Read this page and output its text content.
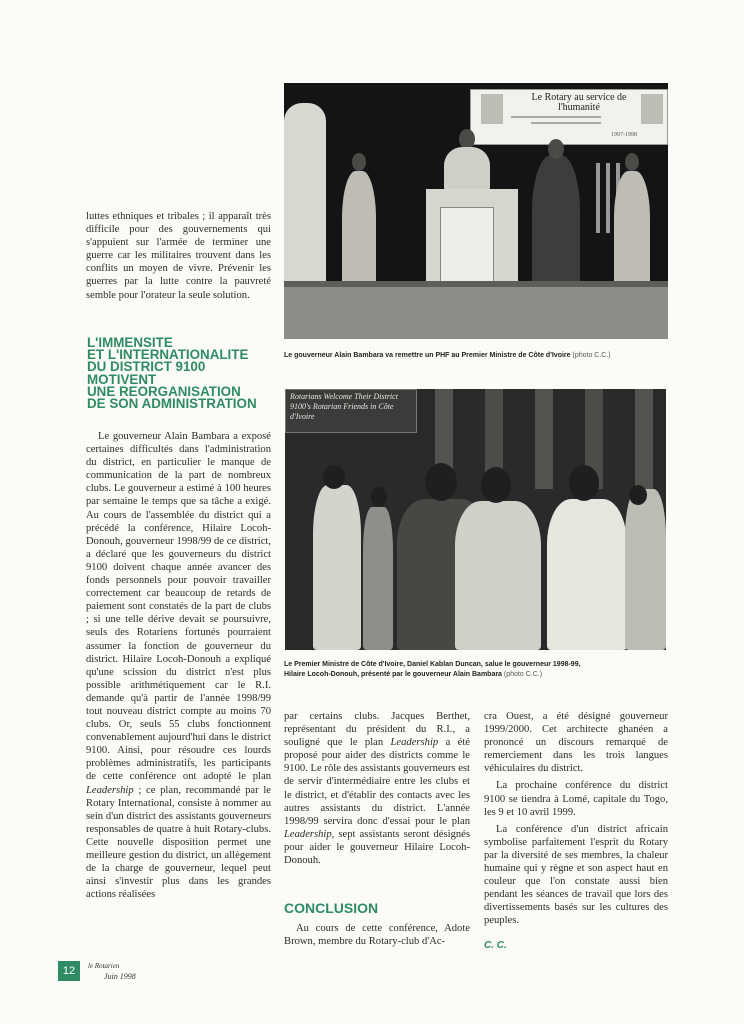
Le Rotary au service de l'humanité
1997-1998

Le gouverneur Alain Bambara va remettre un PHF au Premier Ministre de Côte d'Ivoire (photo C.C.)

Rotarians Welcome Their District 9100's Rotarian Friends in Côte d'Ivoire

Le Premier Ministre de Côte d'Ivoire, Daniel Kablan Duncan, salue le gouverneur 1998-99,
Hilaire Locoh-Donouh, présenté par le gouverneur Alain Bambara (photo C.C.)

luttes ethniques et tribales ; il apparaît très difficile pour des gouvernements qui s'appuient sur l'armée de terminer une guerre car les militaires trouvent dans les conflits un moyen de vivre. Prévenir les guerres par la lutte contre la pauvreté semble pour l'orateur la seule solution.

L'IMMENSITE
ET L'INTERNATIONALITE
DU DISTRICT 9100
MOTIVENT
UNE REORGANISATION
DE SON ADMINISTRATION

Le gouverneur Alain Bambara a exposé certaines difficultés dans l'administration du district, en particulier le manque de communication de la part de nombreux clubs. Le gouverneur a estimé à 100 heures par semaine le temps que sa tâche a exigé. Au cours de l'assemblée du district qui a précédé la conférence, Hilaire Locoh-Donouh, gouverneur 1998/99 de ce district, a déclaré que les gouverneurs du district 9100 doivent chaque année avancer des fonds personnels pour pouvoir travailler correctement car beaucoup de retards de paiement sont constatés de la part de clubs ; si une telle dérive devait se poursuivre, seuls des Rotariens fortunés pourraient assumer la fonction de gouverneur du district. Hilaire Locoh-Donouh a expliqué qu'une scission du district n'est plus possible arithmétiquement car le R.I. demande qu'à partir de l'année 1998/99 tout nouveau district compte au moins 70 clubs. Or, seuls 55 clubs fonctionnent convenablement aujourd'hui dans le district 9100. Ainsi, pour résoudre ces lourds problèmes administratifs, les participants de cette conférence ont adopté le plan Leadership ; ce plan, recommandé par le Rotary International, consiste à nommer au sein d'un district des assistants gouverneurs responsables de quatre à huit Rotary-clubs. Cette nouvelle disposition permet une meilleure gestion du district, un allègement de la charge de gouverneur, lequel peut ainsi s'investir plus dans les grandes actions réalisées

par certains clubs. Jacques Berthet, représentant du président du R.I., a souligné que le plan Leadership a été proposé pour aider des districts comme le 9100. Le rôle des assistants gouverneurs est de servir d'intermédiaire entre les clubs et le district, et d'établir des contacts avec les autres assistants du district. L'année 1998/99 servira donc d'essai pour le plan Leadership, sept assistants seront désignés pour aider le gouverneur Hilaire Locoh-Donouh.

CONCLUSION

Au cours de cette conférence, Adote Brown, membre du Rotary-club d'Ac-

cra Ouest, a été désigné gouverneur 1999/2000. Cet architecte ghanéen a prononcé un discours remarqué de remerciement dans les trois langues véhiculaires du district.

La prochaine conférence du district 9100 se tiendra à Lomé, capitale du Togo, les 9 et 10 avril 1999.

La conférence d'un district africain symbolise parfaitement l'esprit du Rotary par la diversité de ses membres, la chaleur humaine qui y règne et son aspect haut en couleur que l'on constate aussi bien pendant les séances de travail que lors des divertissements basés sur les cultures des peuples.

C. C.
12	le Rotarien
Juin 1998
